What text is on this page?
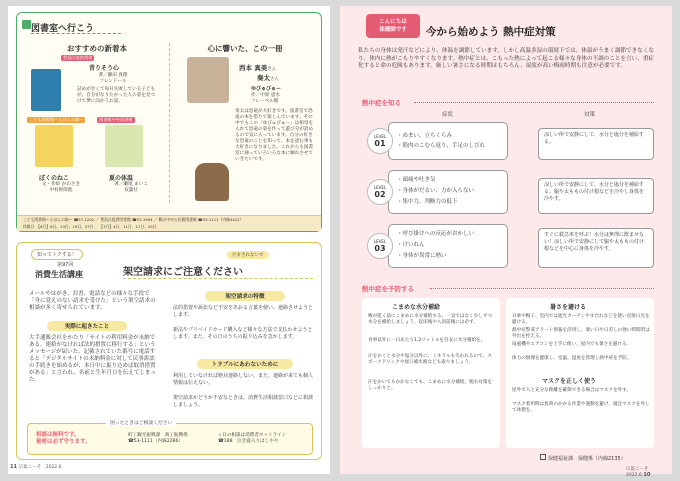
図書室へ行こう
おすすめの新着本
豊島区提供図書
青りそう心
著／藤田 真理
フレンドール
詰めが甘くて毎日失敗している子どもが、自分がなりたかった人の姿を見つけて夢に向かうお話。
こども図書館～えほんの森～	図書館中央図書館
ぼくのねこ	夏の体温
文・作絵 かわさき
中村幹郎他
著／瀬尾 まいこ
双葉社
心に響いた、この一冊
西本 真美さん
奏太さん
ゆびゅびゅー
作／中原 恵水
フレーベル館
奏太は恐竜が大好きです。図書室で恐竜の本を借りて楽しんでいます。その中でもこの「ゆびゅびゅー」は祖母を入れて恐竜の姿を作って遊び分が読めるので気に入っています。自分の好きな恐竜のことを知って、本を読む事も大好きになりました。これからも図書室に通っていろいろな本に触れさせていきたいです。
こども図書館～えほんの森～ ☎57-1202 ／ 豊島区提供図書館 ☎53-1994 ／ 鶴川中央公民館図書館 ☎53-1111（内線4412）
休館日　【6月】6日、13日、19日、27日　　【7月】4日、11日、17日、25日
知ってトクする！
第97回
消費生活講座
だまされないで
架空請求にご注意ください
メールやはがき、封書、電話などの様々な手段で「身に覚えのない請求を受けた」という架空請求の相談が多く寄せられています。
実際に起きたこと
大手通販会社をかたり「サイトの利用料金が未納である。連絡がなければ法的措置に移行する」というメッセージが届いた。記載されていた番号に電話すると「デジタルサイトの未納料金に対して民事訴訟の手続きを始めるが、本日中に振り込めば取消措置がある」と言われ、名前と生年月日を伝えてしまった。
架空請求の特徴
法的措置や訴訟など不安をあおる言葉を使い、連絡させようとします。
新法やプリペイドカード購入など様々な方法で支払わせようとします。また、その日のうちの振り込みを急かします。
トラブルにあわないために
利用していなければ絶対連絡しない。また、連絡が来ても個人情報は伝えない。
架空請求かどうか不安なときは、消費生活相談窓口などに相談しましょう。
困ったときはご相談ください
相談は無料です。
秘密は必ず守ります。
町工観光振興課　商工振興係
☎53-1111（内線2286）
☆日の相談は消費者ホットライン
☎188　泣き寝入りはしやや
11 広報こーそ　2022.6
こんにちは
保健師です	今から始めよう 熱中症対策
私たちの身体は発汗などにより、体温を調節しています。しかし高温多湿の環境下では、体温がうまく調節できなくなり、体内に熱がこもりやすくなります。熱中症とは、こもった熱によって起こる様々な身体の不調のことを言い、重症化すると命の危険もあります。厳しい暑さになる時期はもちろん、湿度が高い梅雨時期も注意が必要です。
熱中症を知る
症状	対策
LEVEL
01
・めまい、立ちくらみ
・筋肉のこむら返り、手足のしびれ
涼しい所で安静にして、水分と塩分を補給する。
LEVEL
02
・頭痛や吐き気
・身体がだるい、力が入らない
・集中力、判断力の低下
涼しい所で安静にして、水分と塩分を補給する。脇や太ももの付け根などを冷やし身体を冷やす。
LEVEL
03
・呼び掛けへの反応がおかしい
・けいれん
・身体が異常に熱い
すぐに救急車を呼ぶ！水分は無理に飲ませない！涼しい所で安静にして脇や太ももの付け根などを中心に身体を冷やす。
熱中症を予防する
こまめな水分補給
喉が乾く前にこまめに水分補給する。一気ではなく少しずつ水分を補給しましょう。起床後や入浴前後には必ず。
食事以外に一日あたり1.2リットルを目安に水分補給を。
汗をかくと水分や塩分以外に、ミネラルも失われるので、スポーツドリンクや経口補水液なども取りましょう。
汗をかいてもかかなくても、こまめに水分補給。脱水対策をしっかりと。
暑さを避ける
日傘や帽子、室内では遮光カーテンやすだれなどを使い直射日光を避ける。
熱中症警戒アラート情報を活用し、暑い日や日差しの強い時間帯は外出を控える。
扇風機やエアコンを上手に使い、屋内でも暑さを避ける。
体力の無理を健康し、室温、湿度を管理し熱中症を予防。
マスクを正しく使う
屋外で人と充分な距離を確保できる場合はマスクを外す。
マスク着用時は負荷のかかる作業や運動を避け、適宜マスクを外して休憩を。
保健福祉課　保健係（内線2135）
広報こーそ　2022.6 10
